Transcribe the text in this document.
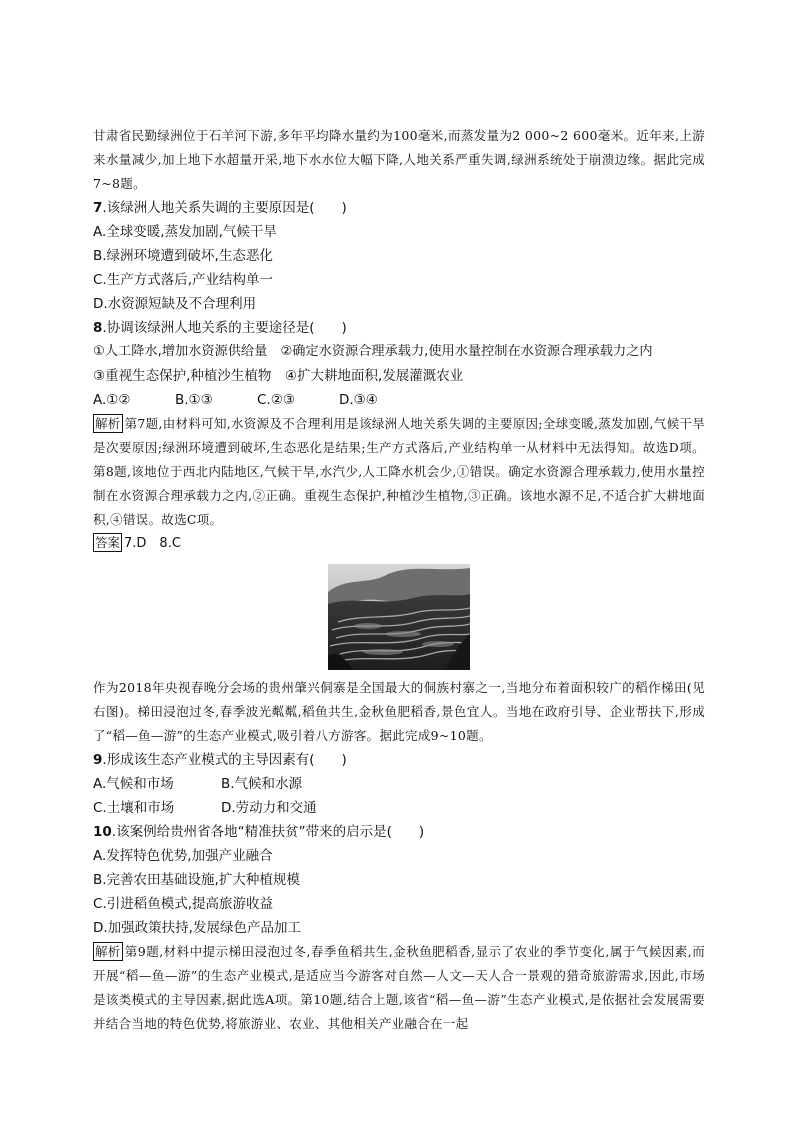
甘肃省民勤绿洲位于石羊河下游,多年平均降水量约为100毫米,而蒸发量为2 000~2 600毫米。近年来,上游来水量减少,加上地下水超量开采,地下水水位大幅下降,人地关系严重失调,绿洲系统处于崩溃边缘。据此完成7~8题。

7.该绿洲人地关系失调的主要原因是(　　)

A.全球变暖,蒸发加剧,气候干旱

B.绿洲环境遭到破坏,生态恶化

C.生产方式落后,产业结构单一

D.水资源短缺及不合理利用

8.协调该绿洲人地关系的主要途径是(　　)

①人工降水,增加水资源供给量　②确定水资源合理承载力,使用水量控制在水资源合理承载力之内

③重视生态保护,种植沙生植物　④扩大耕地面积,发展灌溉农业

A.①②	B.①③	C.②③	D.③④

解析 第7题,由材料可知,水资源及不合理利用是该绿洲人地关系失调的主要原因;全球变暖,蒸发加剧,气候干旱是次要原因;绿洲环境遭到破坏,生态恶化是结果;生产方式落后,产业结构单一从材料中无法得知。故选D项。第8题,该地位于西北内陆地区,气候干旱,水汽少,人工降水机会少,①错误。确定水资源合理承载力,使用水量控制在水资源合理承载力之内,②正确。重视生态保护,种植沙生植物,③正确。该地水源不足,不适合扩大耕地面积,④错误。故选C项。

答案 7.D　8.C

作为2018年央视春晚分会场的贵州肇兴侗寨是全国最大的侗族村寨之一,当地分布着面积较广的稻作梯田(见右图)。梯田浸泡过冬,春季波光粼粼,稻鱼共生,金秋鱼肥稻香,景色宜人。当地在政府引导、企业帮扶下,形成了“稻—鱼—游”的生态产业模式,吸引着八方游客。据此完成9~10题。

9.形成该生态产业模式的主导因素有(　　)

A.气候和市场	B.气候和水源
C.土壤和市场	D.劳动力和交通

10.该案例给贵州省各地“精准扶贫”带来的启示是(　　)

A.发挥特色优势,加强产业融合

B.完善农田基础设施,扩大种植规模

C.引进稻鱼模式,提高旅游收益

D.加强政策扶持,发展绿色产品加工

解析 第9题,材料中提示梯田浸泡过冬,春季鱼稻共生,金秋鱼肥稻香,显示了农业的季节变化,属于气候因素,而开展“稻—鱼—游”的生态产业模式,是适应当今游客对自然—人文—天人合一景观的猎奇旅游需求,因此,市场是该类模式的主导因素,据此选A项。第10题,结合上题,该省“稻—鱼—游”生态产业模式,是依据社会发展需要并结合当地的特色优势,将旅游业、农业、其他相关产业融合在一起
